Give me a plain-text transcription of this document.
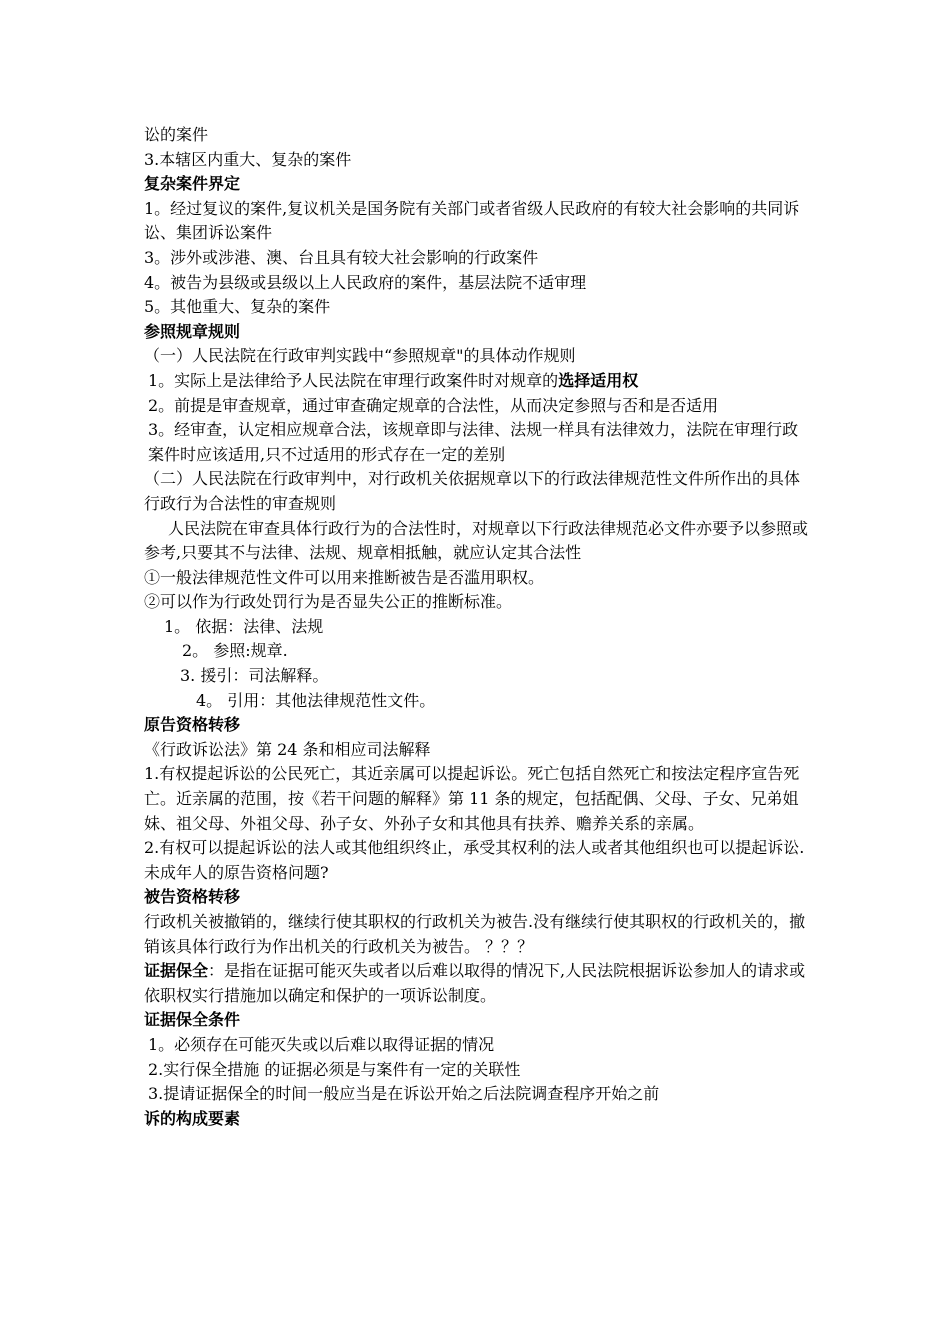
讼的案件

3.本辖区内重大、复杂的案件

复杂案件界定

1。经过复议的案件,复议机关是国务院有关部门或者省级人民政府的有较大社会影响的共同诉讼、集团诉讼案件

3。涉外或涉港、澳、台且具有较大社会影响的行政案件

4。被告为县级或县级以上人民政府的案件，基层法院不适审理

5。其他重大、复杂的案件

参照规章规则

（一）人民法院在行政审判实践中“参照规章"的具体动作规则

1。实际上是法律给予人民法院在审理行政案件时对规章的选择适用权

2。前提是审查规章，通过审查确定规章的合法性，从而决定参照与否和是否适用

3。经审查，认定相应规章合法，该规章即与法律、法规一样具有法律效力，法院在审理行政案件时应该适用,只不过适用的形式存在一定的差别

（二）人民法院在行政审判中，对行政机关依据规章以下的行政法律规范性文件所作出的具体行政行为合法性的审查规则

人民法院在审查具体行政行为的合法性时，对规章以下行政法律规范必文件亦要予以参照或参考,只要其不与法律、法规、规章相抵触，就应认定其合法性

①一般法律规范性文件可以用来推断被告是否滥用职权。

②可以作为行政处罚行为是否显失公正的推断标准。

1。 依据：法律、法规

2。 参照:规章.

3. 援引：司法解释。

4。 引用：其他法律规范性文件。

原告资格转移

《行政诉讼法》第 24 条和相应司法解释

1.有权提起诉讼的公民死亡，其近亲属可以提起诉讼。死亡包括自然死亡和按法定程序宣告死亡。近亲属的范围，按《若干问题的解释》第 11 条的规定，包括配偶、父母、子女、兄弟姐妹、祖父母、外祖父母、孙子女、外孙子女和其他具有扶养、赡养关系的亲属。

2.有权可以提起诉讼的法人或其他组织终止，承受其权利的法人或者其他组织也可以提起诉讼.

未成年人的原告资格问题?

被告资格转移

行政机关被撤销的，继续行使其职权的行政机关为被告.没有继续行使其职权的行政机关的，撤销该具体行政行为作出机关的行政机关为被告。 ？？？

证据保全：是指在证据可能灭失或者以后难以取得的情况下,人民法院根据诉讼参加人的请求或依职权实行措施加以确定和保护的一项诉讼制度。

证据保全条件

1。必须存在可能灭失或以后难以取得证据的情况

2.实行保全措施 的证据必须是与案件有一定的关联性

3.提请证据保全的时间一般应当是在诉讼开始之后法院调查程序开始之前

诉的构成要素
